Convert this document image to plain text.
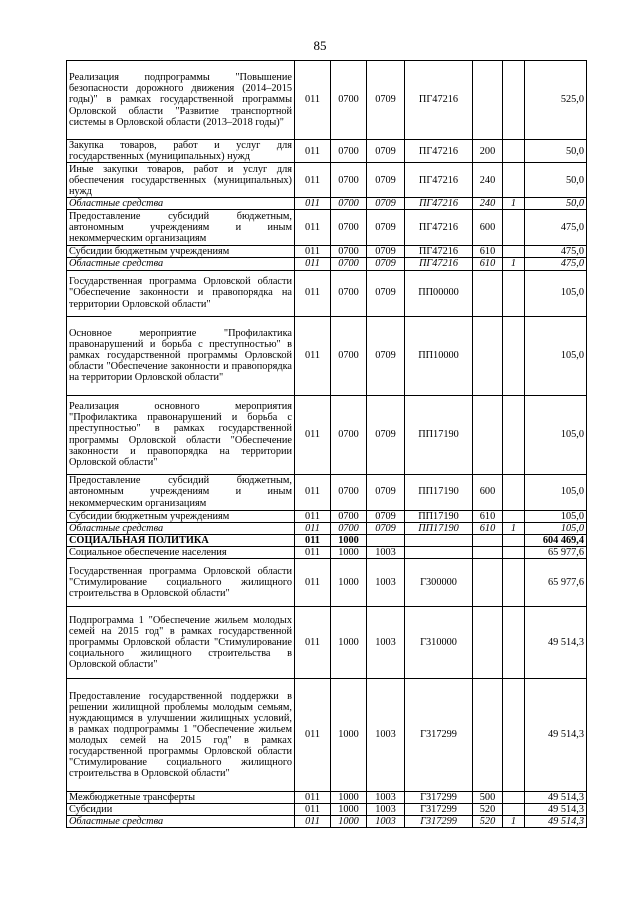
85
Реализация подпрограммы "Повышение безопасности дорожного движения (2014–2015 годы)" в рамках государственной программы Орловской области "Развитие транспортной системы в Орловской области (2013–2018 годы)"	011	0700	0709	ПГ47216			525,0
Закупка товаров, работ и услуг для государственных (муниципальных) нужд	011	0700	0709	ПГ47216	200		50,0
Иные закупки товаров, работ и услуг для обеспечения государственных (муниципальных) нужд	011	0700	0709	ПГ47216	240		50,0
Областные средства	011	0700	0709	ПГ47216	240	1	50,0
Предоставление субсидий бюджетным, автономным учреждениям и иным некоммерческим организациям	011	0700	0709	ПГ47216	600		475,0
Субсидии бюджетным учреждениям	011	0700	0709	ПГ47216	610		475,0
Областные средства	011	0700	0709	ПГ47216	610	1	475,0
Государственная программа Орловской области "Обеспечение законности и правопорядка на территории Орловской области"	011	0700	0709	ПП00000			105,0
Основное мероприятие "Профилактика правонарушений и борьба с преступностью" в рамках государственной программы Орловской области "Обеспечение законности и правопорядка на территории Орловской области"	011	0700	0709	ПП10000			105,0
Реализация основного мероприятия "Профилактика правонарушений и борьба с преступностью" в рамках государственной программы Орловской области "Обеспечение законности и правопорядка на территории Орловской области"	011	0700	0709	ПП17190			105,0
Предоставление субсидий бюджетным, автономным учреждениям и иным некоммерческим организациям	011	0700	0709	ПП17190	600		105,0
Субсидии бюджетным учреждениям	011	0700	0709	ПП17190	610		105,0
Областные средства	011	0700	0709	ПП17190	610	1	105,0
СОЦИАЛЬНАЯ ПОЛИТИКА	011	1000					604 469,4
Социальное обеспечение населения	011	1000	1003				65 977,6
Государственная программа Орловской области "Стимулирование социального жилищного строительства в Орловской области"	011	1000	1003	Г300000			65 977,6
Подпрограмма 1 "Обеспечение жильем молодых семей на 2015 год" в рамках государственной программы Орловской области "Стимулирование социального жилищного строительства в Орловской области"	011	1000	1003	Г310000			49 514,3
Предоставление государственной поддержки в решении жилищной проблемы молодым семьям, нуждающимся в улучшении жилищных условий, в рамках подпрограммы 1 "Обеспечение жильем молодых семей на 2015 год" в рамках государственной программы Орловской области "Стимулирование социального жилищного строительства в Орловской области"	011	1000	1003	Г317299			49 514,3
Межбюджетные трансферты	011	1000	1003	Г317299	500		49 514,3
Субсидии	011	1000	1003	Г317299	520		49 514,3
Областные средства	011	1000	1003	Г317299	520	1	49 514,3
